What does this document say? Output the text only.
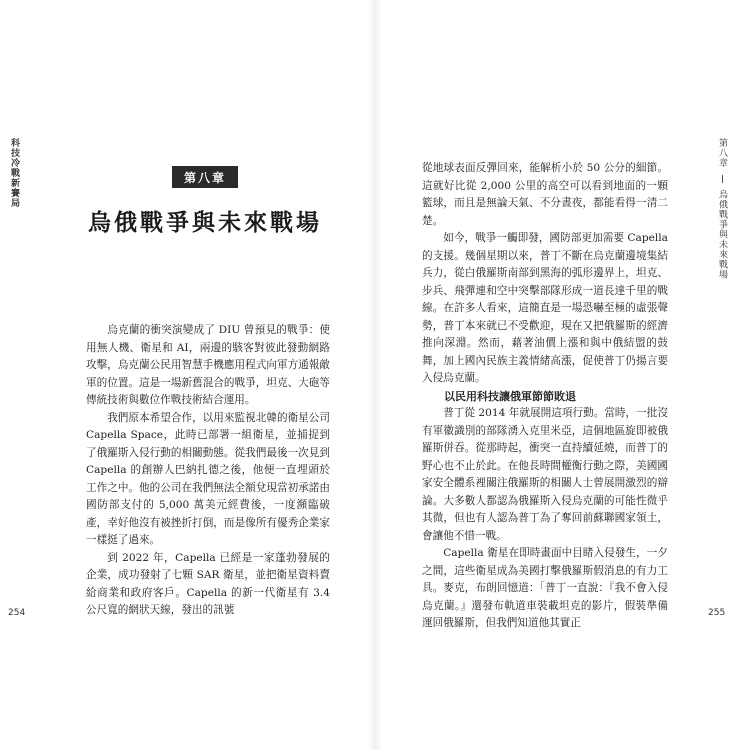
科技冷戰新賽局	第八章
烏俄戰爭與未來戰場

烏克蘭的衝突演變成了 DIU 曾預見的戰爭：使用無人機、衛星和 AI，兩邊的駭客對彼此發動網路攻擊，烏克蘭公民用智慧手機應用程式向軍方通報敵軍的位置。這是一場新舊混合的戰爭，坦克、大砲等傳統技術與數位作戰技術結合運用。

我們原本希望合作，以用來監視北韓的衛星公司 Capella Space，此時已部署一組衛星，並捕捉到了俄羅斯入侵行動的相關動態。從我們最後一次見到 Capella 的創辦人巴納扎德之後，他便一直埋頭於工作之中。他的公司在我們無法全額兌現當初承諾由國防部支付的 5,000 萬美元經費後，一度瀕臨破產，幸好他沒有被挫折打倒，而是像所有優秀企業家一樣挺了過來。

到 2022 年，Capella 已經是一家蓬勃發展的企業，成功發射了七顆 SAR 衛星，並把衛星資料賣給商業和政府客戶。Capella 的新一代衛星有 3.4 公尺寬的網狀天線，發出的訊號

254
第八章  烏俄戰爭與未來戰場

從地球表面反彈回來，能解析小於 50 公分的細節。這就好比從 2,000 公里的高空可以看到地面的一顆籃球，而且是無論天氣、不分晝夜，都能看得一清二楚。

如今，戰爭一觸即發，國防部更加需要 Capella 的支援。幾個星期以來，普丁不斷在烏克蘭邊境集結兵力，從白俄羅斯南部到黑海的弧形邊界上，坦克、步兵、飛彈連和空中突擊部隊形成一道長達千里的戰線。在許多人看來，這簡直是一場恐嚇至極的虛張聲勢，普丁本來就已不受歡迎，現在又把俄羅斯的經濟推向深淵。然而，藉著油價上漲和與中俄結盟的鼓舞，加上國內民族主義情緒高漲，促使普丁仍揚言要入侵烏克蘭。

以民用科技讓俄軍節節敗退

普丁從 2014 年就展開這項行動。當時，一批沒有軍徽識別的部隊湧入克里米亞，這個地區旋即被俄羅斯併吞。從那時起，衝突一直持續延燒，而普丁的野心也不止於此。在他長時間權衡行動之際，美國國家安全體系裡關注俄羅斯的相關人士曾展開激烈的辯論。大多數人都認為俄羅斯入侵烏克蘭的可能性微乎其微，但也有人認為普丁為了奪回前蘇聯國家領土，會讓他不惜一戰。

Capella 衛星在即時畫面中目睹入侵發生，一夕之間，這些衛星成為美國打擊俄羅斯假消息的有力工具。麥克，布朗回憶道：「普丁一直說：『我不會入侵烏克蘭。』還發布軌道車裝載坦克的影片，假裝準備運回俄羅斯，但我們知道他其實正

255
